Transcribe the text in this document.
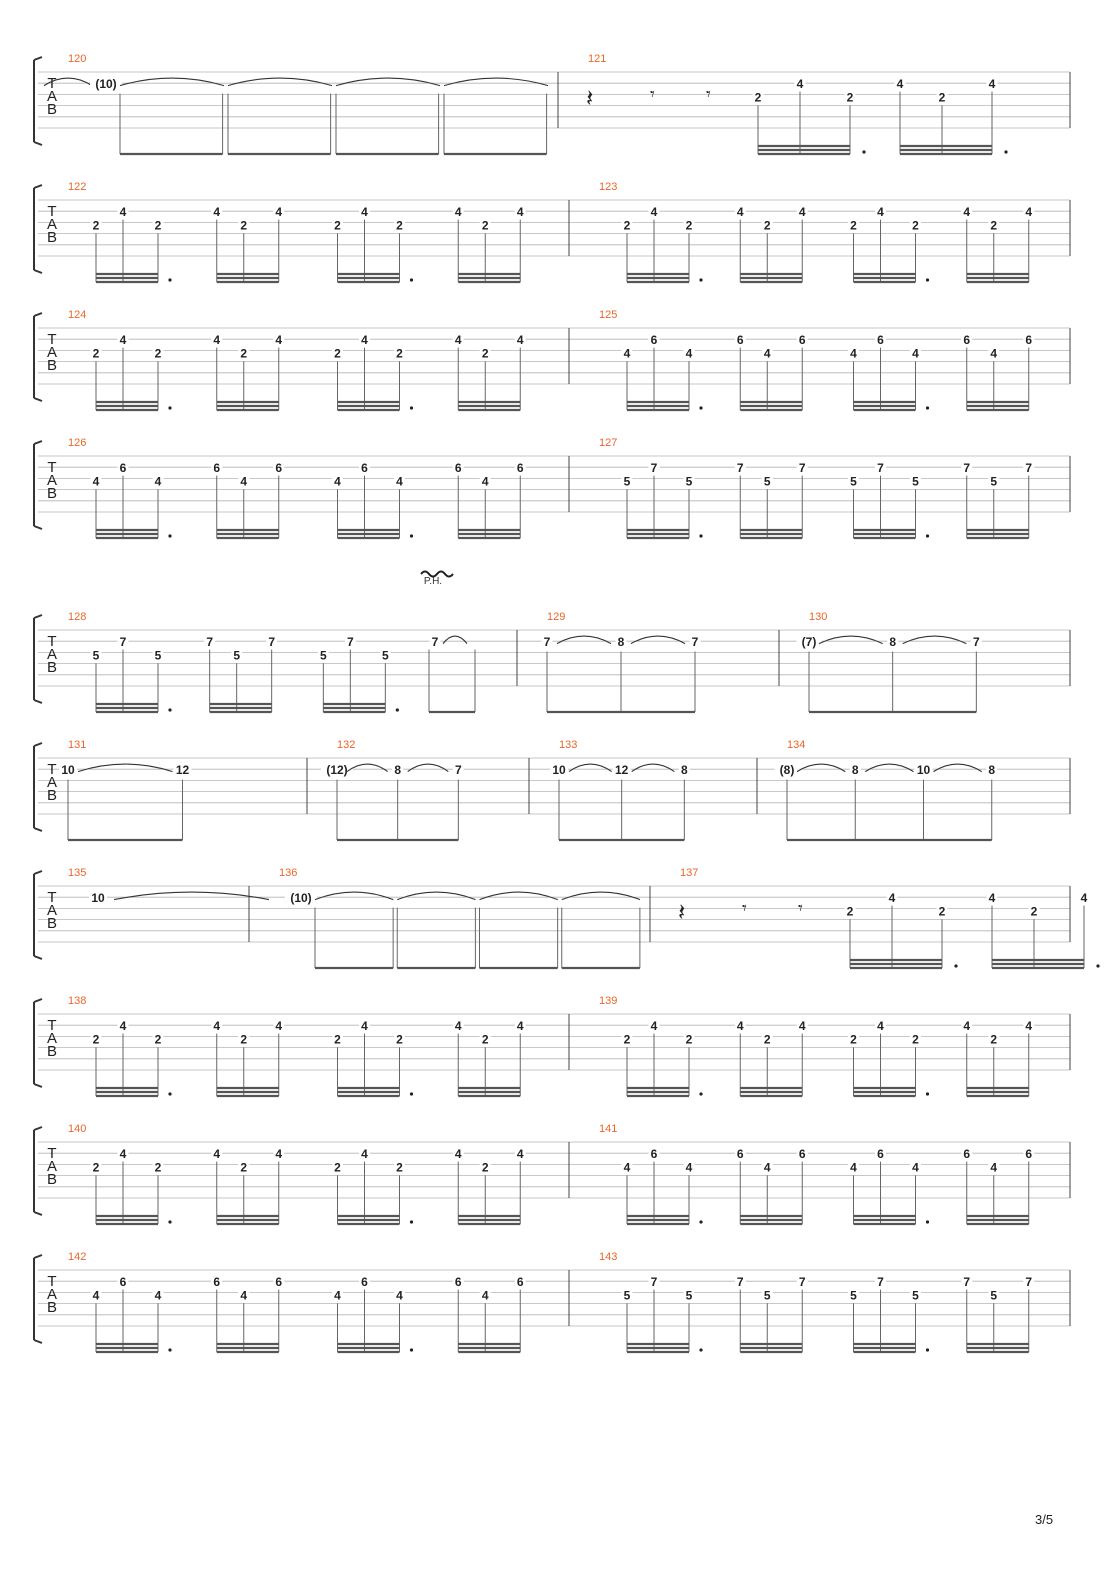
T
A
B
120
(10)
121
𝄽	𝄾	𝄾	2
4
2
4
2
4
T
A
B
122
2
4
2
4
2
4
2
4
2
4
2
4
123
2
4
2
4
2
4
2
4
2
4
2
4
T
A
B
124
2
4
2
4
2
4
2
4
2
4
2
4
125
4
6
4
6
4
6
4
6
4
6
4
6
T
A
B
126
4
6
4
6
4
6
4
6
4
6
4
6
127
5
7
5
7
5
7
5
7
5
7
5
7
T
A
B
128
5
7
5
7
5
7
5
7
5
7
P.H.
129
7	8	7
130
(7)	8	7
T
A
B
131
10	12
132
(12)	8	7
133
10	12	8
134
(8)	8	10	8
T
A
B
135
10
136
(10)
137
𝄽	𝄾	𝄾	2
4
2
4
2
4
T
A
B
138
2
4
2
4
2
4
2
4
2
4
2
4
139
2
4
2
4
2
4
2
4
2
4
2
4
T
A
B
140
2
4
2
4
2
4
2
4
2
4
2
4
141
4
6
4
6
4
6
4
6
4
6
4
6
T
A
B
142
4
6
4
6
4
6
4
6
4
6
4
6
143
5
7
5
7
5
7
5
7
5
7
5
7
3/5
